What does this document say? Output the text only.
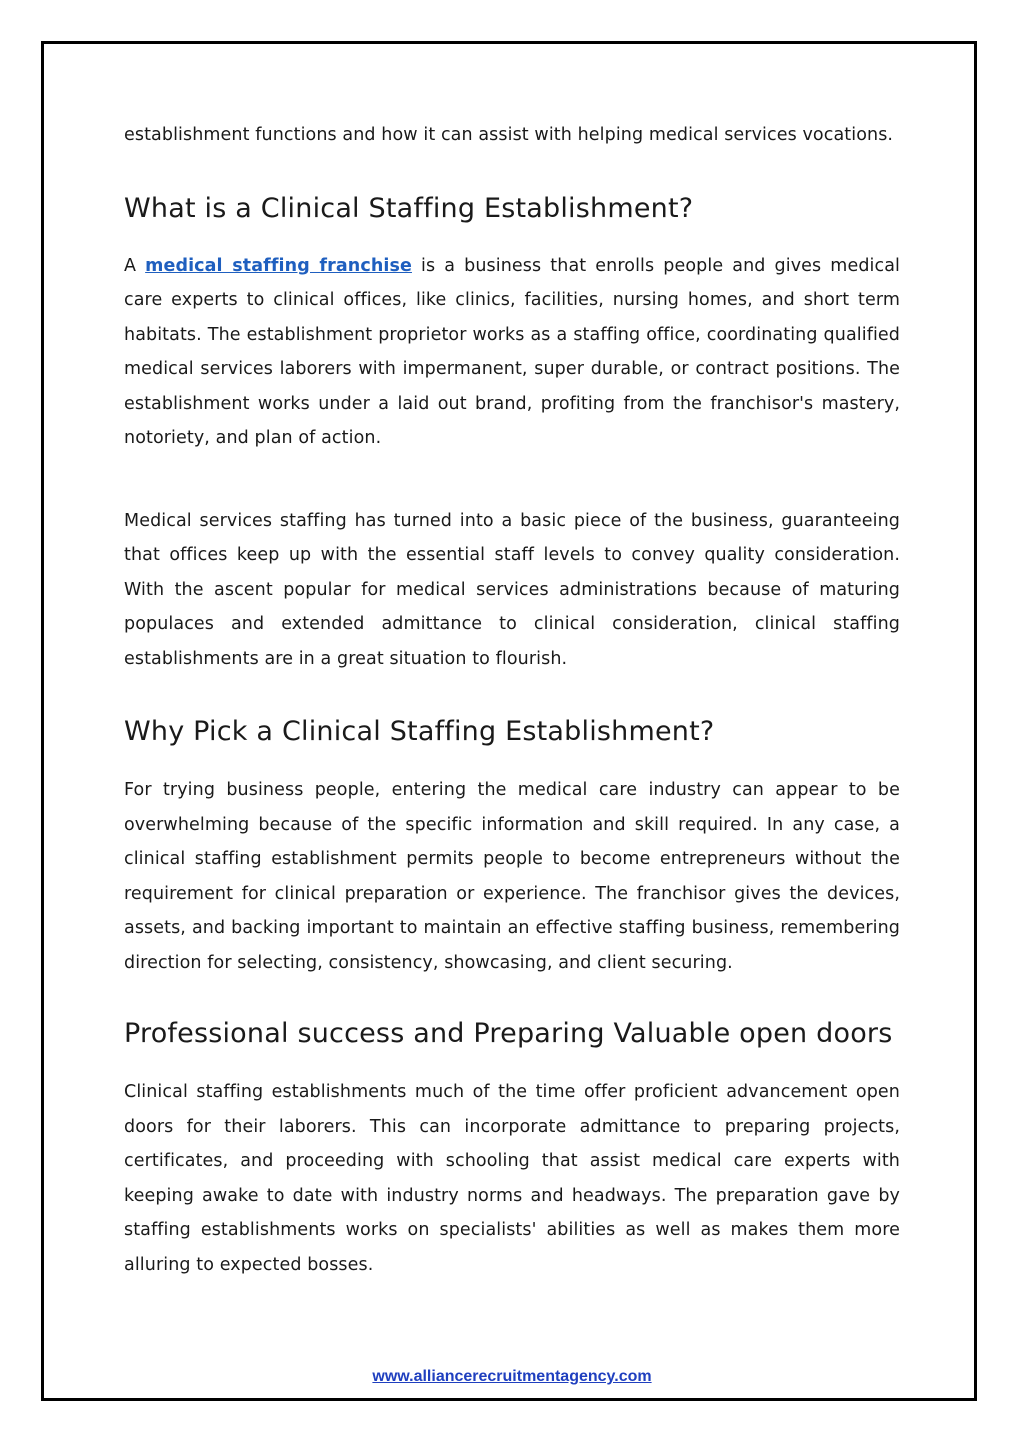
establishment functions and how it can assist with helping medical services vocations.

What is a Clinical Staffing Establishment?

A medical staffing franchise is a business that enrolls people and gives medical care experts to clinical offices, like clinics, facilities, nursing homes, and short term habitats. The establishment proprietor works as a staffing office, coordinating qualified medical services laborers with impermanent, super durable, or contract positions. The establishment works under a laid out brand, profiting from the franchisor's mastery, notoriety, and plan of action.

Medical services staffing has turned into a basic piece of the business, guaranteeing that offices keep up with the essential staff levels to convey quality consideration. With the ascent popular for medical services administrations because of maturing populaces and extended admittance to clinical consideration, clinical staffing establishments are in a great situation to flourish.

Why Pick a Clinical Staffing Establishment?

For trying business people, entering the medical care industry can appear to be overwhelming because of the specific information and skill required. In any case, a clinical staffing establishment permits people to become entrepreneurs without the requirement for clinical preparation or experience. The franchisor gives the devices, assets, and backing important to maintain an effective staffing business, remembering direction for selecting, consistency, showcasing, and client securing.

Professional success and Preparing Valuable open doors

Clinical staffing establishments much of the time offer proficient advancement open doors for their laborers. This can incorporate admittance to preparing projects, certificates, and proceeding with schooling that assist medical care experts with keeping awake to date with industry norms and headways. The preparation gave by staffing establishments works on specialists' abilities as well as makes them more alluring to expected bosses.

www.alliancerecruitmentagency.com
